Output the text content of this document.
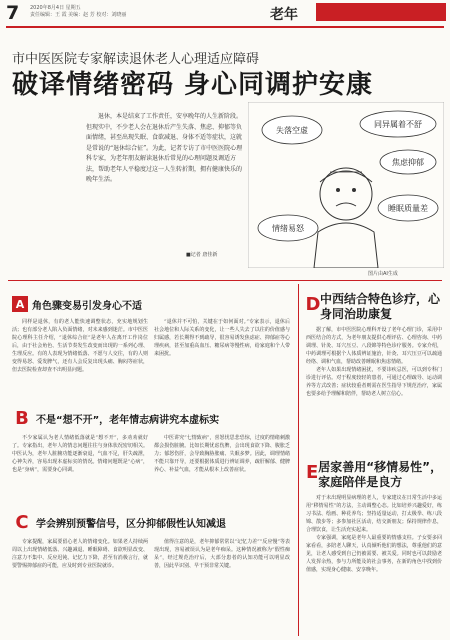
7 2020年8月4日 星期五
责任编辑：王 霞 美编：赵 芳 校对：刘晓丽	老年
市中医医院专家解读退休老人心理适应障碍
破译情绪密码 身心同调护安康

退休，本是结束了工作责任，安享晚年的人生新阶段。但现实中，不少老人会在退休后产生失落、焦虑、抑郁等负面情绪，甚至出现失眠、食欲减退、身体不适等症状，这就是常说的“退休综合征”。为此，记者专访了市中医医院心理科专家，为老年朋友解读退休后常见的心理问题及调适方法，帮助老年人平稳度过这一人生转折期，拥有健康快乐的晚年生活。

■记者 唐佳新
失落空虚
焦虑抑郁
情绪易怒
睡眠质量差
同异属着不舒
图片由AI生成
A 角色骤变易引发身心不适

同样是退休，有的老人能快速调整状态，充实地规划生活；也有部分老人陷入负面情绪，对未来感到迷茫。市中医医院心理科主任介绍，“退休综合征”是老年人在离开工作岗位后，由于社会角色、生活节奏发生改变而出现的一系列心理、生理反应。有的人表现为情绪低落、不愿与人交往，有的人则变得易怒、爱发脾气，还有人会反复出现头痛、胸闷等症状，但去医院检查却查不出明显问题。

“退休并不可怕，关键在于如何面对。”专家表示，退休后社会地位和人际关系的变化，让一些人失去了以往的价值感与归属感，若长期得不到疏导，很容易诱发焦虑症、抑郁症等心理疾病，甚至加重高血压、糖尿病等慢性病，给家庭和个人带来困扰。

B 不是“想不开”，老年情志病讲究本虚标实

不少家属认为老人情绪低落就是“想不开”，多劝劝就好了。专家指出，老年人的情志问题往往与身体状况密切相关。中医认为，老年人脏腑功能逐渐衰退，气血不足，肝失疏泄，心神失养，容易出现本虚标实的情况。情绪问题既是“心病”，也是“身病”，需要身心同调。

中医讲究“七情致病”，喜怒忧思悲恐惊，过度的情绪刺激都会损伤脏腑。比如长期忧虑伤脾，会出现食欲下降、腹胀乏力；郁怒伤肝，会导致胸胁胀痛、失眠多梦。因此，调理情绪不能只靠开导，还要根据体质进行辨证调养，疏肝解郁、健脾养心、补益气血，才能从根本上改善症状。

C 学会辨别预警信号，区分抑郁假性认知减退

专家提醒，家属要留心老人的情绪变化。如果老人持续两周以上出现情绪低落、兴趣减退、睡眠障碍、食欲明显改变、注意力不集中、反应迟钝、记忆力下降，甚至有消极言行，就要警惕抑郁症的可能，应及时到专业医院就诊。

值得注意的是，老年抑郁常常以“记忆力差”“反应慢”等表现出现，容易被误认为是老年痴呆。这种情况被称为“假性痴呆”，经过规范治疗后，大部分患者的认知功能可以明显改善，因此早识别、早干预非常关键。

D 中西结合特色诊疗，心身同治助康复

据了解，市中医医院心理科开设了老年心理门诊，采用中西医结合的方式，为老年朋友提供心理评估、心理咨询、中药调理、针灸、耳穴压豆、八段锦等特色诊疗服务。专家介绍，中药调理可根据个人体质辨证施治，针灸、耳穴压豆可以疏通经络、调和气血，帮助改善睡眠和焦虑情绪。

老年人如果出现情绪困扰，不要讳疾忌医，可以到专科门诊进行评估。对于程度较轻的患者，可通过心理疏导、运动调养等方式改善；症状较重者则需在医生指导下规范治疗，家属也要多给予理解和陪伴，帮助老人树立信心。

E 居家善用“移情易性”，家庭陪伴是良方

对于未出现明显病理的老人，专家建议在日常生活中多运用“移情易性”的方法，主动调整心态。比如培养兴趣爱好，练习书法、绘画、种花养鸟；坚持适量运动，打太极拳、练八段锦、散步等；多参加社区活动，结交新朋友；保持规律作息，合理饮食，让生活充实起来。

专家强调，家庭是老年人最重要的情感支柱。子女要多回家看看，多陪老人聊天，认真倾听他们的想法，尊重他们的意见，让老人感受到自己仍被需要、被关爱。同时也可以鼓励老人发挥余热，参与力所能及的社会事务，在新的角色中找到价值感，实现身心健康、安享晚年。
